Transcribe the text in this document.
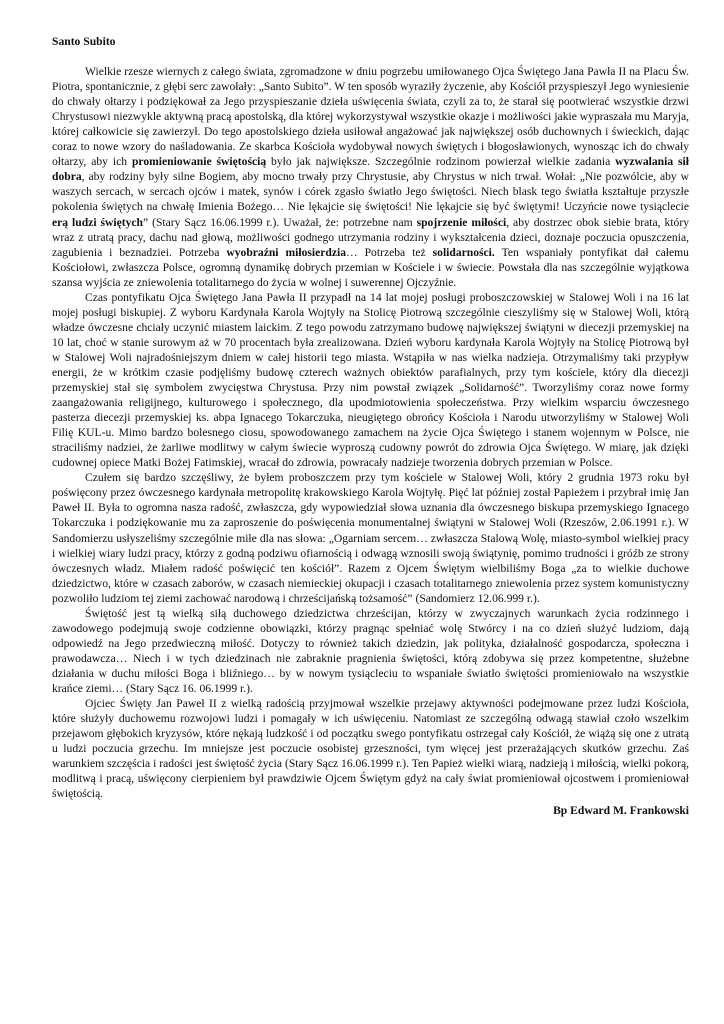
Santo Subito

Wielkie rzesze wiernych z całego świata, zgromadzone w dniu pogrzebu umiłowanego Ojca Świętego Jana Pawła II na Placu Św. Piotra, spontanicznie, z głębi serc zawołały: „Santo Subito”. W ten sposób wyraziły życzenie, aby Kościół przyspieszył Jego wyniesienie do chwały ołtarzy i podziękował za Jego przyspieszanie dzieła uświęcenia świata, czyli za to, że starał się pootwierać wszystkie drzwi Chrystusowi niezwykle aktywną pracą apostolską, dla której wykorzystywał wszystkie okazje i możliwości jakie wypraszała mu Maryja, której całkowicie się zawierzył. Do tego apostolskiego dzieła usiłował angażować jak największej osób duchownych i świeckich, dając coraz to nowe wzory do naśladowania. Ze skarbca Kościoła wydobywał nowych świętych i błogosławionych, wynosząc ich do chwały ołtarzy, aby ich promieniowanie świętością było jak największe. Szczególnie rodzinom powierzał wielkie zadania wyzwalania sił dobra, aby rodziny były silne Bogiem, aby mocno trwały przy Chrystusie, aby Chrystus w nich trwał. Wołał: „Nie pozwólcie, aby w waszych sercach, w sercach ojców i matek, synów i córek zgasło światło Jego świętości. Niech blask tego światła kształtuje przyszłe pokolenia świętych na chwałę Imienia Bożego… Nie lękajcie się świętości! Nie lękajcie się być świętymi! Uczyńcie nowe tysiąclecie erą ludzi świętych” (Stary Sącz 16.06.1999 r.). Uważał, że: potrzebne nam spojrzenie miłości, aby dostrzec obok siebie brata, który wraz z utratą pracy, dachu nad głową, możliwości godnego utrzymania rodziny i wykształcenia dzieci, doznaje poczucia opuszczenia, zagubienia i beznadziei. Potrzeba wyobraźni miłosierdzia… Potrzeba też solidarności. Ten wspaniały pontyfikat dał całemu Kościołowi, zwłaszcza Polsce, ogromną dynamikę dobrych przemian w Kościele i w świecie. Powstała dla nas szczególnie wyjątkowa szansa wyjścia ze zniewolenia totalitarnego do życia w wolnej i suwerennej Ojczyźnie.

Czas pontyfikatu Ojca Świętego Jana Pawła II przypadł na 14 lat mojej posługi proboszczowskiej w Stalowej Woli i na 16 lat mojej posługi biskupiej. Z wyboru Kardynała Karola Wojtyły na Stolicę Piotrową szczególnie cieszyliśmy się w Stalowej Woli, którą władze ówczesne chciały uczynić miastem laickim. Z tego powodu zatrzymano budowę największej świątyni w diecezji przemyskiej na 10 lat, choć w stanie surowym aż w 70 procentach była zrealizowana. Dzień wyboru kardynała Karola Wojtyły na Stolicę Piotrową był w Stalowej Woli najradośniejszym dniem w całej historii tego miasta. Wstąpiła w nas wielka nadzieja. Otrzymaliśmy taki przypływ energii, że w krótkim czasie podjęliśmy budowę czterech ważnych obiektów parafialnych, przy tym kościele, który dla diecezji przemyskiej stał się symbolem zwycięstwa Chrystusa. Przy nim powstał związek „Solidarność”. Tworzyliśmy coraz nowe formy zaangażowania religijnego, kulturowego i społecznego, dla upodmiotowienia społeczeństwa. Przy wielkim wsparciu ówczesnego pasterza diecezji przemyskiej ks. abpa Ignacego Tokarczuka, nieugiętego obrońcy Kościoła i Narodu utworzyliśmy w Stalowej Woli Filię KUL-u. Mimo bardzo bolesnego ciosu, spowodowanego zamachem na życie Ojca Świętego i stanem wojennym w Polsce, nie straciliśmy nadziei, że żarliwe modlitwy w całym świecie wyproszą cudowny powrót do zdrowia Ojca Świętego. W miarę, jak dzięki cudownej opiece Matki Bożej Fatimskiej, wracał do zdrowia, powracały nadzieje tworzenia dobrych przemian w Polsce.

Czułem się bardzo szczęśliwy, że byłem proboszczem przy tym kościele w Stalowej Woli, który 2 grudnia 1973 roku był poświęcony przez ówczesnego kardynała metropolitę krakowskiego Karola Wojtyłę. Pięć lat później został Papieżem i przybrał imię Jan Paweł II. Była to ogromna nasza radość, zwłaszcza, gdy wypowiedział słowa uznania dla ówczesnego biskupa przemyskiego Ignacego Tokarczuka i podziękowanie mu za zaproszenie do poświęcenia monumentalnej świątyni w Stalowej Woli (Rzeszów, 2.06.1991 r.). W Sandomierzu usłyszeliśmy szczególnie miłe dla nas słowa: „Ogarniam sercem… zwłaszcza Stalową Wolę, miasto-symbol wielkiej pracy i wielkiej wiary ludzi pracy, którzy z godną podziwu ofiarnością i odwagą wznosili swoją świątynię, pomimo trudności i gróźb ze strony ówczesnych władz. Miałem radość poświęcić ten kościół”. Razem z Ojcem Świętym wielbiliśmy Boga „za to wielkie duchowe dziedzictwo, które w czasach zaborów, w czasach niemieckiej okupacji i czasach totalitarnego zniewolenia przez system komunistyczny pozwoliło ludziom tej ziemi zachować narodową i chrześcijańską tożsamość” (Sandomierz 12.06.999 r.).

Świętość jest tą wielką siłą duchowego dziedzictwa chrześcijan, którzy w zwyczajnych warunkach życia rodzinnego i zawodowego podejmują swoje codzienne obowiązki, którzy pragnąc spełniać wolę Stwórcy i na co dzień służyć ludziom, dają odpowiedź na Jego przedwieczną miłość. Dotyczy to również takich dziedzin, jak polityka, działalność gospodarcza, społeczna i prawodawcza… Niech i w tych dziedzinach nie zabraknie pragnienia świętości, którą zdobywa się przez kompetentne, służebne działania w duchu miłości Boga i bliźniego… by w nowym tysiącleciu to wspaniałe światło świętości promieniowało na wszystkie krańce ziemi… (Stary Sącz 16. 06.1999 r.).

Ojciec Święty Jan Paweł II z wielką radością przyjmował wszelkie przejawy aktywności podejmowane przez ludzi Kościoła, które służyły duchowemu rozwojowi ludzi i pomagały w ich uświęceniu. Natomiast ze szczególną odwagą stawiał czoło wszelkim przejawom głębokich kryzysów, które nękają ludzkość i od początku swego pontyfikatu ostrzegał cały Kościół, że wiążą się one z utratą u ludzi poczucia grzechu. Im mniejsze jest poczucie osobistej grzeszności, tym więcej jest przerażających skutków grzechu. Zaś warunkiem szczęścia i radości jest świętość życia (Stary Sącz 16.06.1999 r.). Ten Papież wielki wiarą, nadzieją i miłością, wielki pokorą, modlitwą i pracą, uświęcony cierpieniem był prawdziwie Ojcem Świętym gdyż na cały świat promieniował ojcostwem i promieniował świętością.

Bp Edward M. Frankowski
